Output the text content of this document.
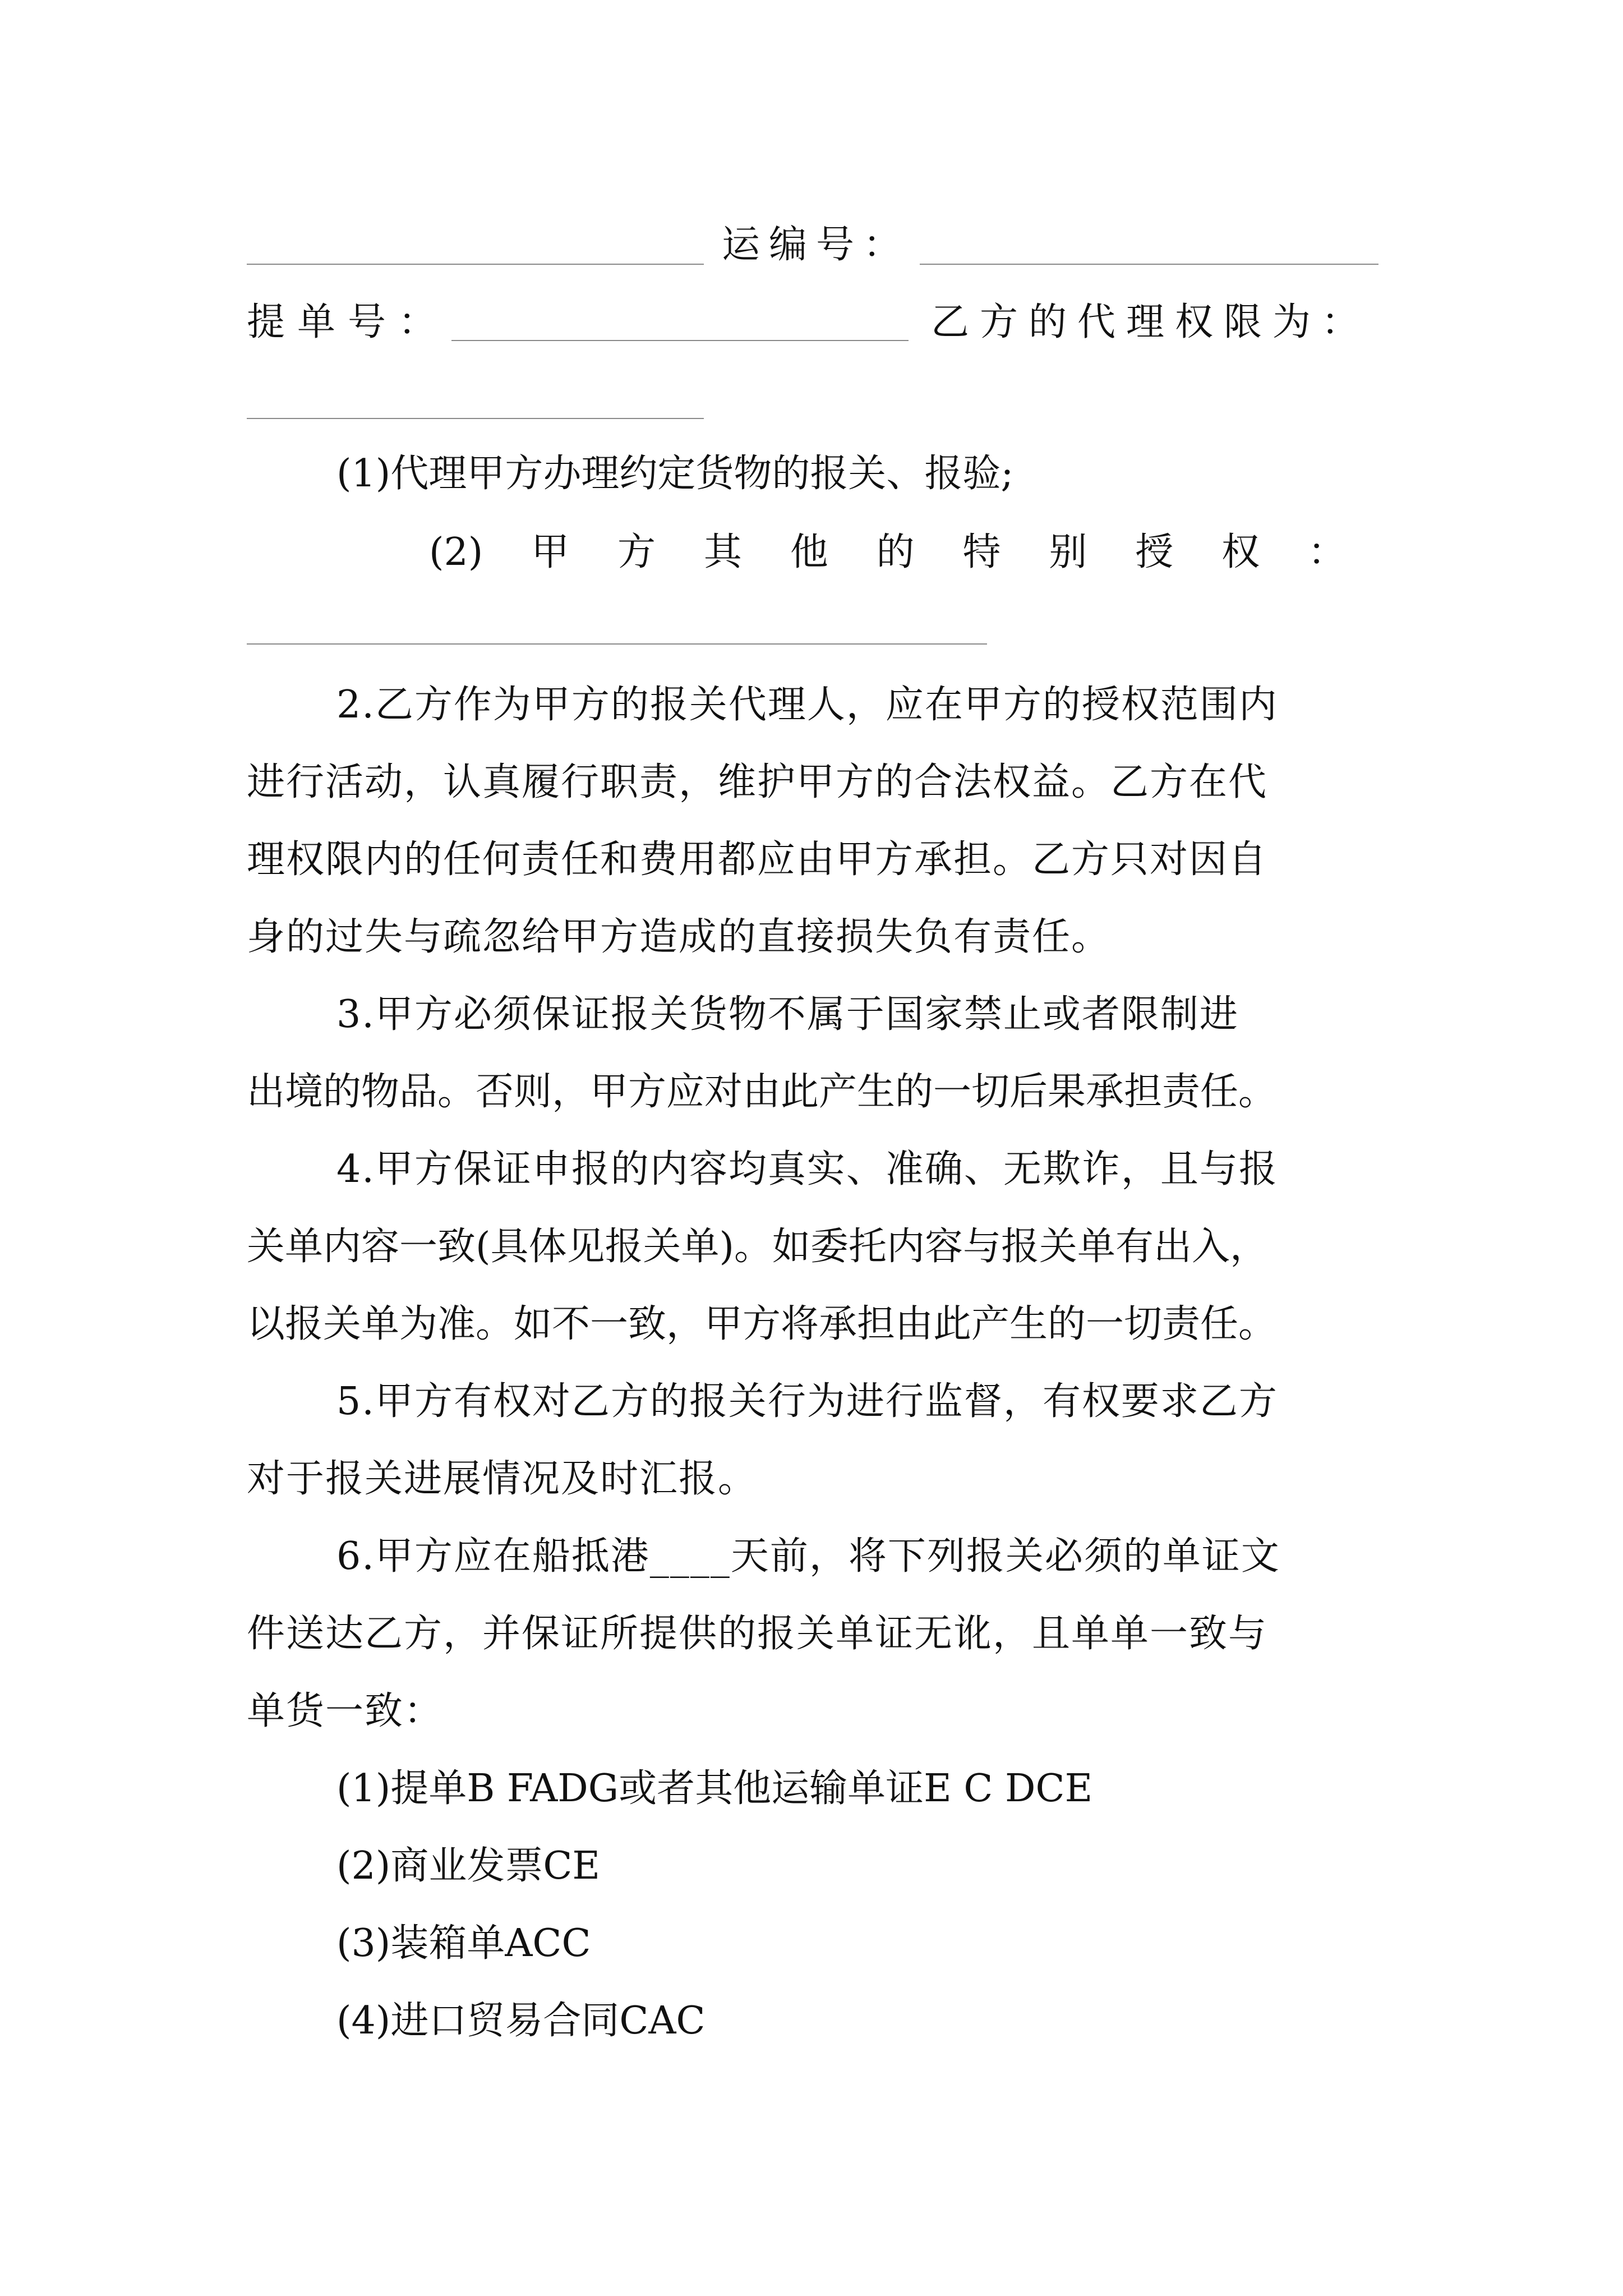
运编号：
提单号：	乙方的代理权限为：
(1)代理甲方办理约定货物的报关、报验;
(2) 甲 方 其 他 的 特 别 授 权 ：
2.乙方作为甲方的报关代理人，应在甲方的授权范围内
进行活动，认真履行职责，维护甲方的合法权益。乙方在代
理权限内的任何责任和费用都应由甲方承担。乙方只对因自
身的过失与疏忽给甲方造成的直接损失负有责任。
3.甲方必须保证报关货物不属于国家禁止或者限制进
出境的物品。否则，甲方应对由此产生的一切后果承担责任。
4.甲方保证申报的内容均真实、准确、无欺诈，且与报
关单内容一致(具体见报关单)。如委托内容与报关单有出入，
以报关单为准。如不一致，甲方将承担由此产生的一切责任。
5.甲方有权对乙方的报关行为进行监督，有权要求乙方
对于报关进展情况及时汇报。
6.甲方应在船抵港____天前，将下列报关必须的单证文
件送达乙方，并保证所提供的报关单证无讹，且单单一致与
单货一致：
(1)提单B FADG或者其他运输单证E C DCE
(2)商业发票CE
(3)装箱单ACC
(4)进口贸易合同CAC
